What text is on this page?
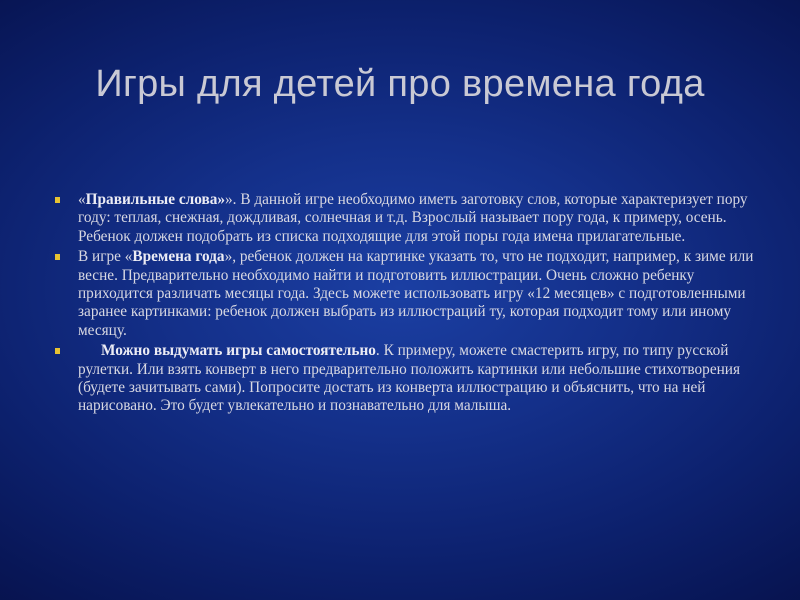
Игры для детей про времена года

«Правильные слова»». В данной игре необходимо иметь заготовку слов, которые характеризует пору году: теплая, снежная, дождливая, солнечная и т.д. Взрослый называет пору года, к примеру, осень. Ребенок должен подобрать из списка подходящие для этой поры года имена прилагательные.

В игре «Времена года», ребенок должен на картинке указать то, что не подходит, например, к зиме или весне. Предварительно необходимо найти и подготовить иллюстрации. Очень сложно ребенку приходится различать месяцы года. Здесь можете использовать игру «12 месяцев» с подготовленными заранее картинками: ребенок должен выбрать из иллюстраций ту, которая подходит тому или иному месяцу.

Можно выдумать игры самостоятельно. К примеру, можете смастерить игру, по типу русской рулетки. Или взять конверт в него предварительно положить картинки или небольшие стихотворения (будете зачитывать сами). Попросите достать из конверта иллюстрацию и объяснить, что на ней нарисовано. Это будет увлекательно и познавательно для малыша.
